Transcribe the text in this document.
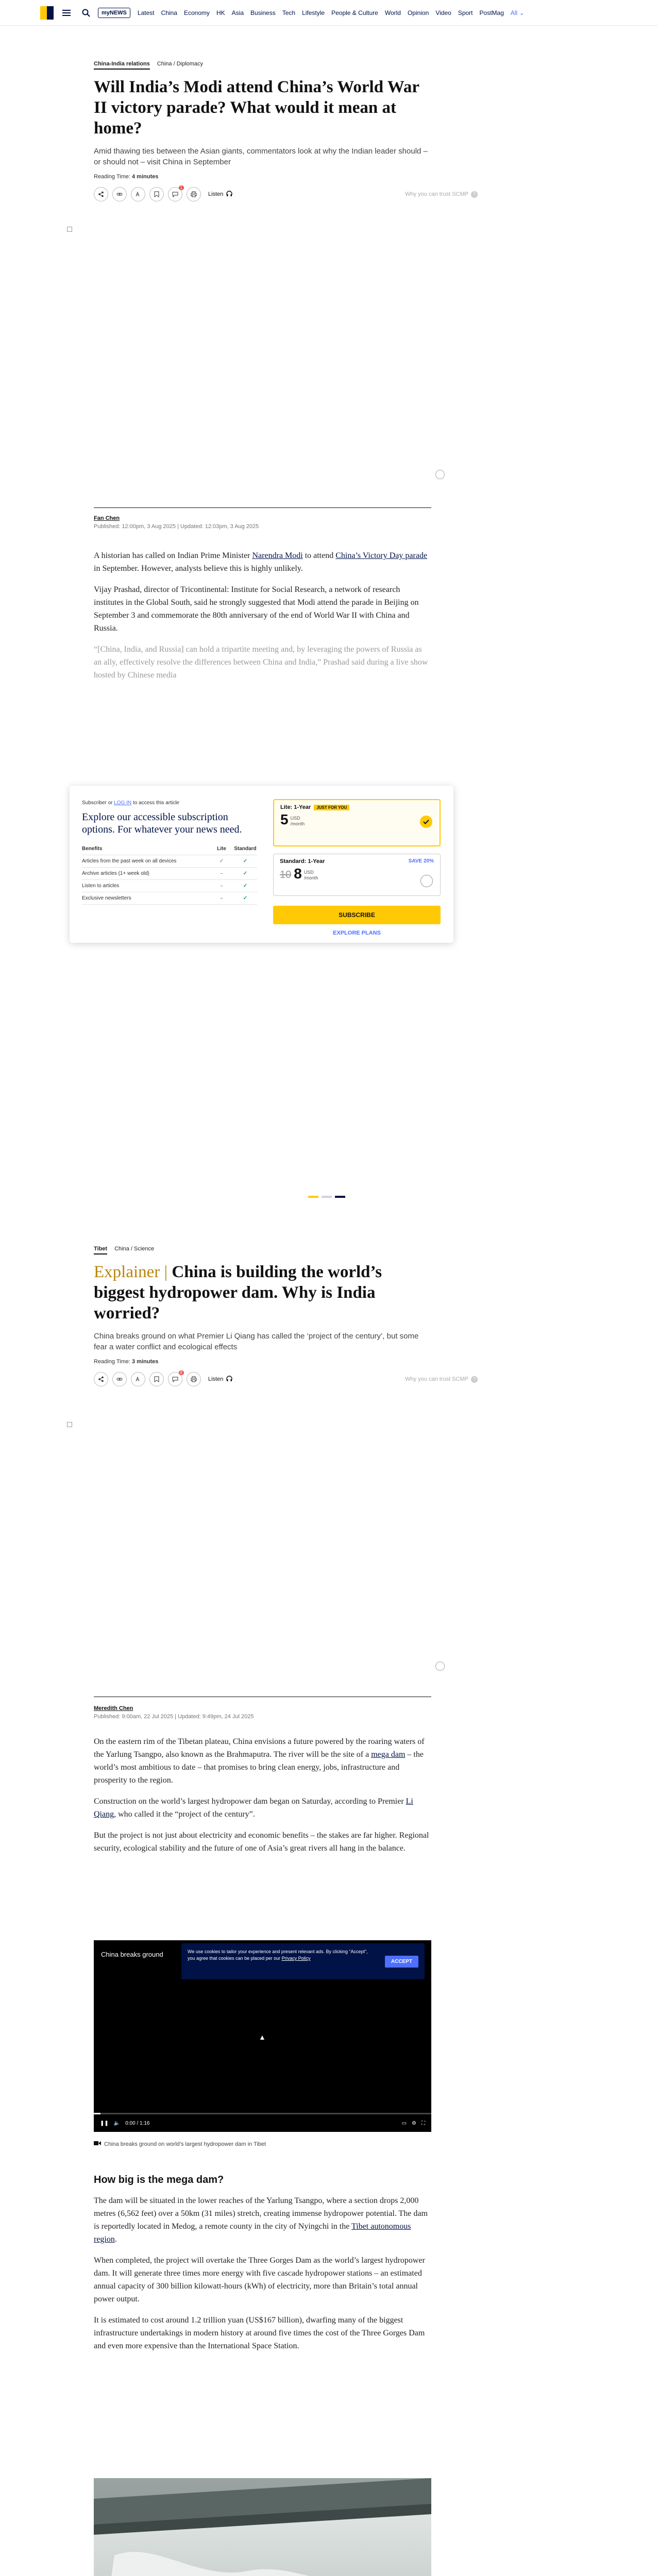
myNEWS	Latest China Economy HK Asia Business Tech Lifestyle People & Culture World Opinion Video Sport PostMag All ⌄
China-India relations China / Diplomacy
Will India’s Modi attend China’s World War II victory parade? What would it mean at home?

Amid thawing ties between the Asian giants, commentators look at why the Indian leader should – or should not – visit China in September

Reading Time: 4 minutes
1
Listen	Why you can trust SCMP ?
Fan Chen
Published: 12:00pm, 3 Aug 2025 | Updated: 12:03pm, 3 Aug 2025

A historian has called on Indian Prime Minister Narendra Modi to attend China’s Victory Day parade in September. However, analysts believe this is highly unlikely.

Vijay Prashad, director of Tricontinental: Institute for Social Research, a network of research institutes in the Global South, said he strongly suggested that Modi attend the parade in Beijing on September 3 and commemorate the 80th anniversary of the end of World War II with China and Russia.

“[China, India, and Russia] can hold a tripartite meeting and, by leveraging the powers of Russia as an ally, effectively resolve the differences between China and India,” Prashad said during a live show hosted by Chinese media

Subscriber or LOG IN to access this article
Explore our accessible subscription options. For whatever your news need.
Benefits	Lite	Standard
Articles from the past week on all devices	✓	✓
Archive articles (1+ week old)	–	✓
Listen to articles	–	✓
Exclusive newsletters	–	✓
Lite: 1-Year JUST FOR YOU
5 USD
/month
Standard: 1-Year	SAVE 20%
10 8 USD
/month
SUBSCRIBE
EXPLORE PLANS
Tibet China / Science
Explainer | China is building the world’s biggest hydropower dam. Why is India worried?

China breaks ground on what Premier Li Qiang has called the ‘project of the century’, but some fear a water conflict and ecological effects

Reading Time: 3 minutes
8
Listen	Why you can trust SCMP ?
Meredith Chen
Published: 9:00am, 22 Jul 2025 | Updated: 9:49pm, 24 Jul 2025

On the eastern rim of the Tibetan plateau, China envisions a future powered by the roaring waters of the Yarlung Tsangpo, also known as the Brahmaputra. The river will be the site of a mega dam – the world’s most ambitious to date – that promises to bring clean energy, jobs, infrastructure and prosperity to the region.

Construction on the world’s largest hydropower dam began on Saturday, according to Premier Li Qiang, who called it the “project of the century”.

But the project is not just about electricity and economic benefits – the stakes are far higher. Regional security, ecological stability and the future of one of Asia’s great rivers all hang in the balance.

China breaks ground	We use cookies to tailor your experience and present relevant ads. By clicking “Accept”, you agree that cookies can be placed per our Privacy Policy

ACCEPT
▲
❚❚ 🔈 0:00 / 1:16	▭ ⚙ ⛶
China breaks ground on world’s largest hydropower dam in Tibet
How big is the mega dam?

The dam will be situated in the lower reaches of the Yarlung Tsangpo, where a section drops 2,000 metres (6,562 feet) over a 50km (31 miles) stretch, creating immense hydropower potential. The dam is reportedly located in Medog, a remote county in the city of Nyingchi in the Tibet autonomous region.

When completed, the project will overtake the Three Gorges Dam as the world’s largest hydropower dam. It will generate three times more energy with five cascade hydropower stations – an estimated annual capacity of 300 billion kilowatt-hours (kWh) of electricity, more than Britain’s total annual power output.

It is estimated to cost around 1.2 trillion yuan (US$167 billion), dwarfing many of the biggest infrastructure undertakings in modern history at around five times the cost of the Three Gorges Dam and even more expensive than the International Space Station.
